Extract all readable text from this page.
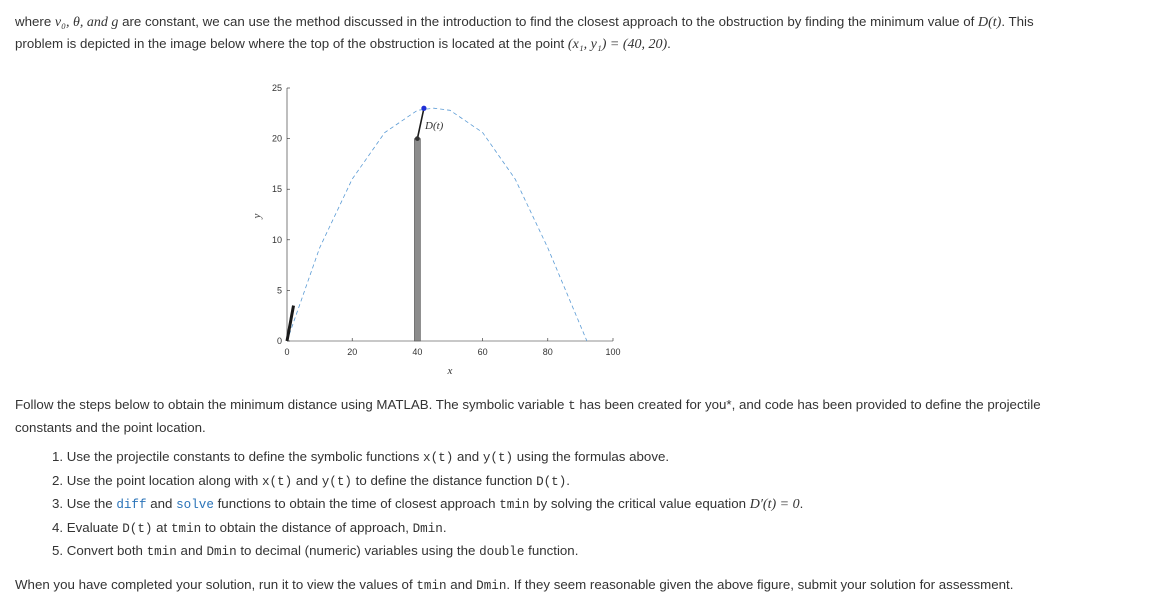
where v₀, θ, and g are constant, we can use the method discussed in the introduction to find the closest approach to the obstruction by finding the minimum value of D(t). This
problem is depicted in the image below where the top of the obstruction is located at the point (x₁, y₁) = (40, 20).
0	20	40	60	80	100
0
5
10
15
20
25
x
y
D(t)
Follow the steps below to obtain the minimum distance using MATLAB. The symbolic variable t has been created for you*, and code has been provided to define the projectile
constants and the point location.
1. Use the projectile constants to define the symbolic functions x(t) and y(t) using the formulas above.
2. Use the point location along with x(t) and y(t) to define the distance function D(t).
3. Use the diff and solve functions to obtain the time of closest approach tmin by solving the critical value equation D′(t) = 0.
4. Evaluate D(t) at tmin to obtain the distance of approach, Dmin.
5. Convert both tmin and Dmin to decimal (numeric) variables using the double function.
When you have completed your solution, run it to view the values of tmin and Dmin. If they seem reasonable given the above figure, submit your solution for assessment.
